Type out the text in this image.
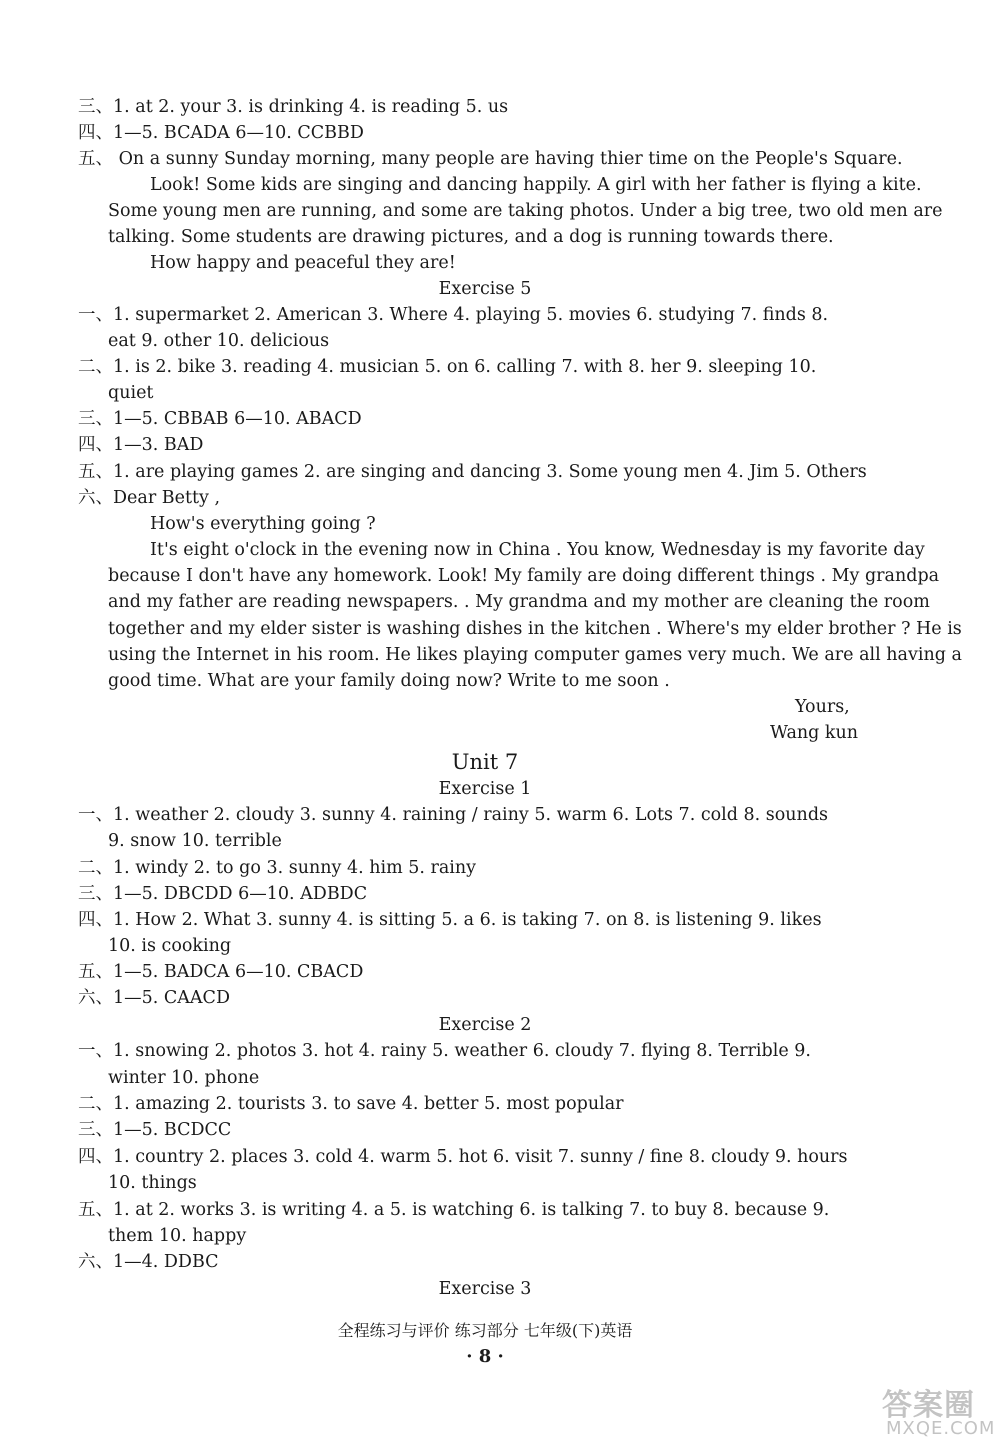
三、1. at 2. your 3. is drinking 4. is reading 5. us
四、1—5. BCADA 6—10. CCBBD
五、 On a sunny Sunday morning, many people are having thier time on the People's Square.
Look! Some kids are singing and dancing happily. A girl with her father is flying a kite.
Some young men are running, and some are taking photos. Under a big tree, two old men are
talking. Some students are drawing pictures, and a dog is running towards there.
How happy and peaceful they are!
Exercise 5
一、1. supermarket 2. American 3. Where 4. playing 5. movies 6. studying 7. finds 8.
eat 9. other 10. delicious
二、1. is 2. bike 3. reading 4. musician 5. on 6. calling 7. with 8. her 9. sleeping 10.
quiet
三、1—5. CBBAB 6—10. ABACD
四、1—3. BAD
五、1. are playing games 2. are singing and dancing 3. Some young men 4. Jim 5. Others
六、Dear Betty ,
How's everything going ?
It's eight o'clock in the evening now in China . You know, Wednesday is my favorite day
because I don't have any homework. Look! My family are doing different things . My grandpa
and my father are reading newspapers. . My grandma and my mother are cleaning the room
together and my elder sister is washing dishes in the kitchen . Where's my elder brother ? He is
using the Internet in his room. He likes playing computer games very much. We are all having a
good time. What are your family doing now? Write to me soon .
Yours,
Wang kun
Unit 7
Exercise 1
一、1. weather 2. cloudy 3. sunny 4. raining / rainy 5. warm 6. Lots 7. cold 8. sounds
9. snow 10. terrible
二、1. windy 2. to go 3. sunny 4. him 5. rainy
三、1—5. DBCDD 6—10. ADBDC
四、1. How 2. What 3. sunny 4. is sitting 5. a 6. is taking 7. on 8. is listening 9. likes
10. is cooking
五、1—5. BADCA 6—10. CBACD
六、1—5. CAACD
Exercise 2
一、1. snowing 2. photos 3. hot 4. rainy 5. weather 6. cloudy 7. flying 8. Terrible 9.
winter 10. phone
二、1. amazing 2. tourists 3. to save 4. better 5. most popular
三、1—5. BCDCC
四、1. country 2. places 3. cold 4. warm 5. hot 6. visit 7. sunny / fine 8. cloudy 9. hours
10. things
五、1. at 2. works 3. is writing 4. a 5. is watching 6. is talking 7. to buy 8. because 9.
them 10. happy
六、1—4. DDBC
Exercise 3
全程练习与评价 练习部分 七年级(下)英语
· 8 ·
答案圈
MXQE.COM
